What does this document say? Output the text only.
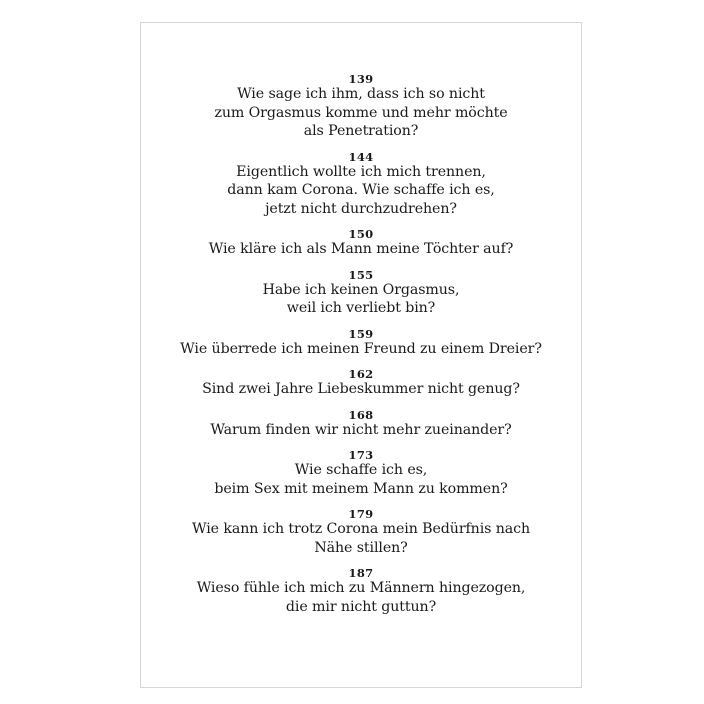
139
Wie sage ich ihm, dass ich so nicht
zum Orgasmus komme und mehr möchte
als Penetration?
144
Eigentlich wollte ich mich trennen,
dann kam Corona. Wie schaffe ich es,
jetzt nicht durchzudrehen?
150
Wie kläre ich als Mann meine Töchter auf?
155
Habe ich keinen Orgasmus,
weil ich verliebt bin?
159
Wie überrede ich meinen Freund zu einem Dreier?
162
Sind zwei Jahre Liebeskummer nicht genug?
168
Warum finden wir nicht mehr zueinander?
173
Wie schaffe ich es,
beim Sex mit meinem Mann zu kommen?
179
Wie kann ich trotz Corona mein Bedürfnis nach
Nähe stillen?
187
Wieso fühle ich mich zu Männern hingezogen,
die mir nicht guttun?
